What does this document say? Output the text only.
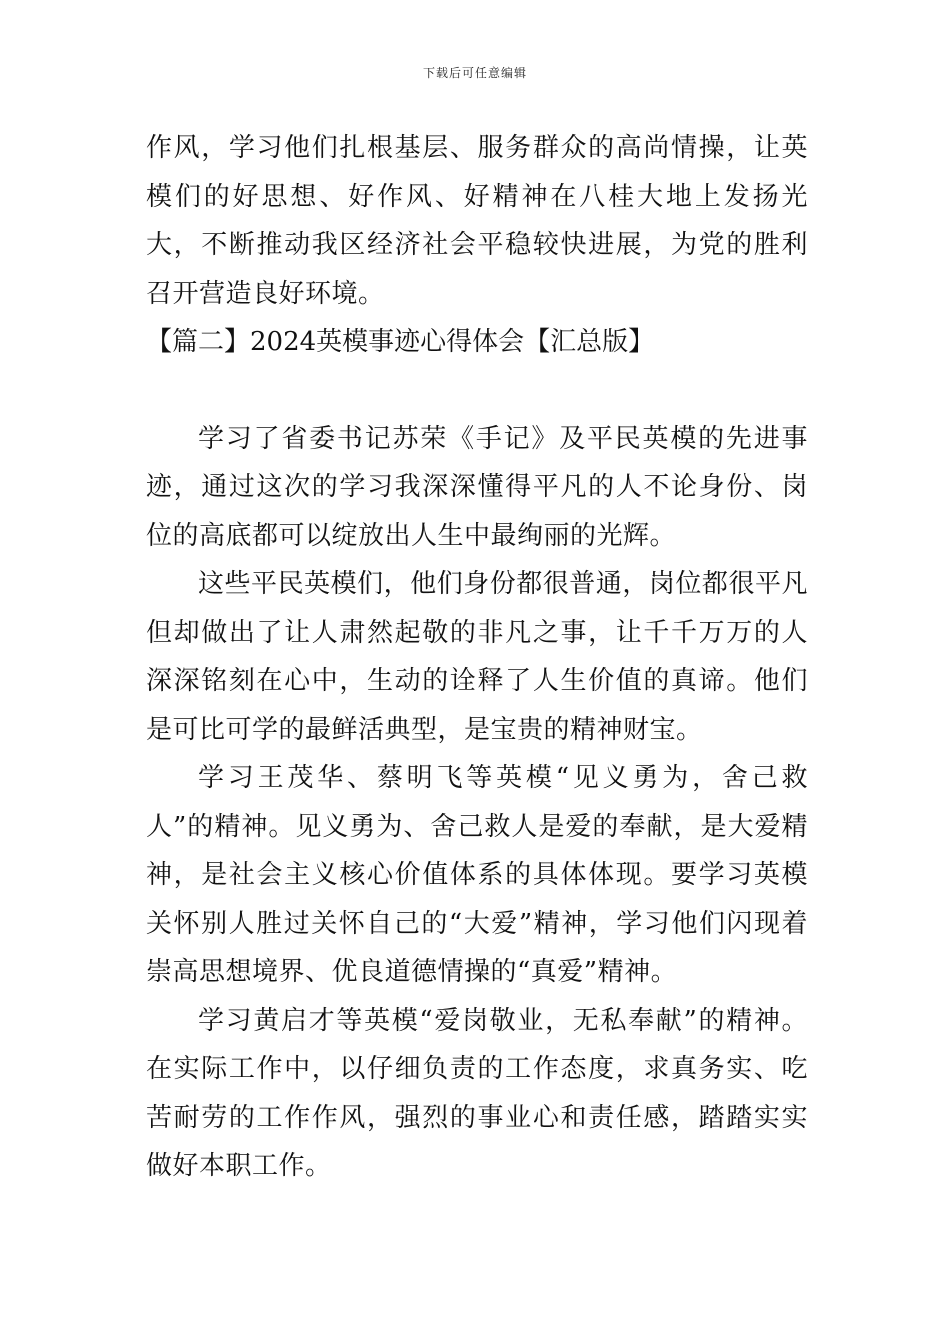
下载后可任意编辑

作风，学习他们扎根基层、服务群众的高尚情操，让英模们的好思想、好作风、好精神在八桂大地上发扬光大，不断推动我区经济社会平稳较快进展，为党的胜利召开营造良好环境。

【篇二】2024英模事迹心得体会【汇总版】

学习了省委书记苏荣《手记》及平民英模的先进事迹，通过这次的学习我深深懂得平凡的人不论身份、岗位的高底都可以绽放出人生中最绚丽的光辉。

这些平民英模们，他们身份都很普通，岗位都很平凡但却做出了让人肃然起敬的非凡之事，让千千万万的人深深铭刻在心中，生动的诠释了人生价值的真谛。他们是可比可学的最鲜活典型，是宝贵的精神财宝。

学习王茂华、蔡明飞等英模“见义勇为，舍己救人”的精神。见义勇为、舍己救人是爱的奉献，是大爱精神，是社会主义核心价值体系的具体体现。要学习英模关怀别人胜过关怀自己的“大爱”精神，学习他们闪现着崇高思想境界、优良道德情操的“真爱”精神。

学习黄启才等英模“爱岗敬业，无私奉献”的精神。在实际工作中，以仔细负责的工作态度，求真务实、吃苦耐劳的工作作风，强烈的事业心和责任感，踏踏实实做好本职工作。
